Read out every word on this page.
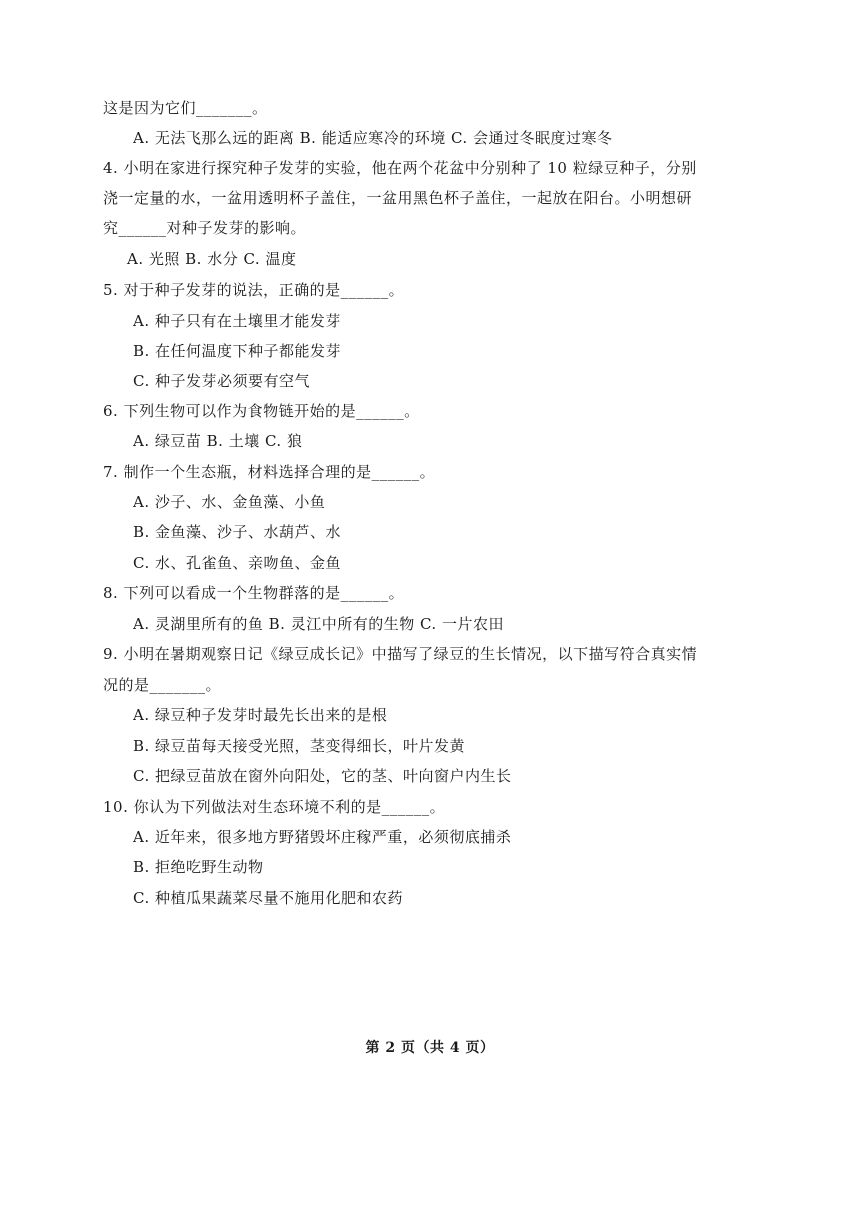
这是因为它们_______。
A. 无法飞那么远的距离 B. 能适应寒冷的环境 C. 会通过冬眠度过寒冬
4. 小明在家进行探究种子发芽的实验，他在两个花盆中分别种了 10 粒绿豆种子，分别
浇一定量的水，一盆用透明杯子盖住，一盆用黑色杯子盖住，一起放在阳台。小明想研
究______对种子发芽的影响。
A. 光照 B. 水分 C. 温度
5. 对于种子发芽的说法，正确的是______。
A. 种子只有在土壤里才能发芽
B. 在任何温度下种子都能发芽
C. 种子发芽必须要有空气
6. 下列生物可以作为食物链开始的是______。
A. 绿豆苗 B. 土壤 C. 狼
7. 制作一个生态瓶，材料选择合理的是______。
A. 沙子、水、金鱼藻、小鱼
B. 金鱼藻、沙子、水葫芦、水
C. 水、孔雀鱼、亲吻鱼、金鱼
8. 下列可以看成一个生物群落的是______。
A. 灵湖里所有的鱼 B. 灵江中所有的生物 C. 一片农田
9. 小明在暑期观察日记《绿豆成长记》中描写了绿豆的生长情况，以下描写符合真实情
况的是_______。
A. 绿豆种子发芽时最先长出来的是根
B. 绿豆苗每天接受光照，茎变得细长，叶片发黄
C. 把绿豆苗放在窗外向阳处，它的茎、叶向窗户内生长
10. 你认为下列做法对生态环境不利的是______。
A. 近年来，很多地方野猪毁坏庄稼严重，必须彻底捕杀
B. 拒绝吃野生动物
C. 种植瓜果蔬菜尽量不施用化肥和农药
第 2 页（共 4 页）
